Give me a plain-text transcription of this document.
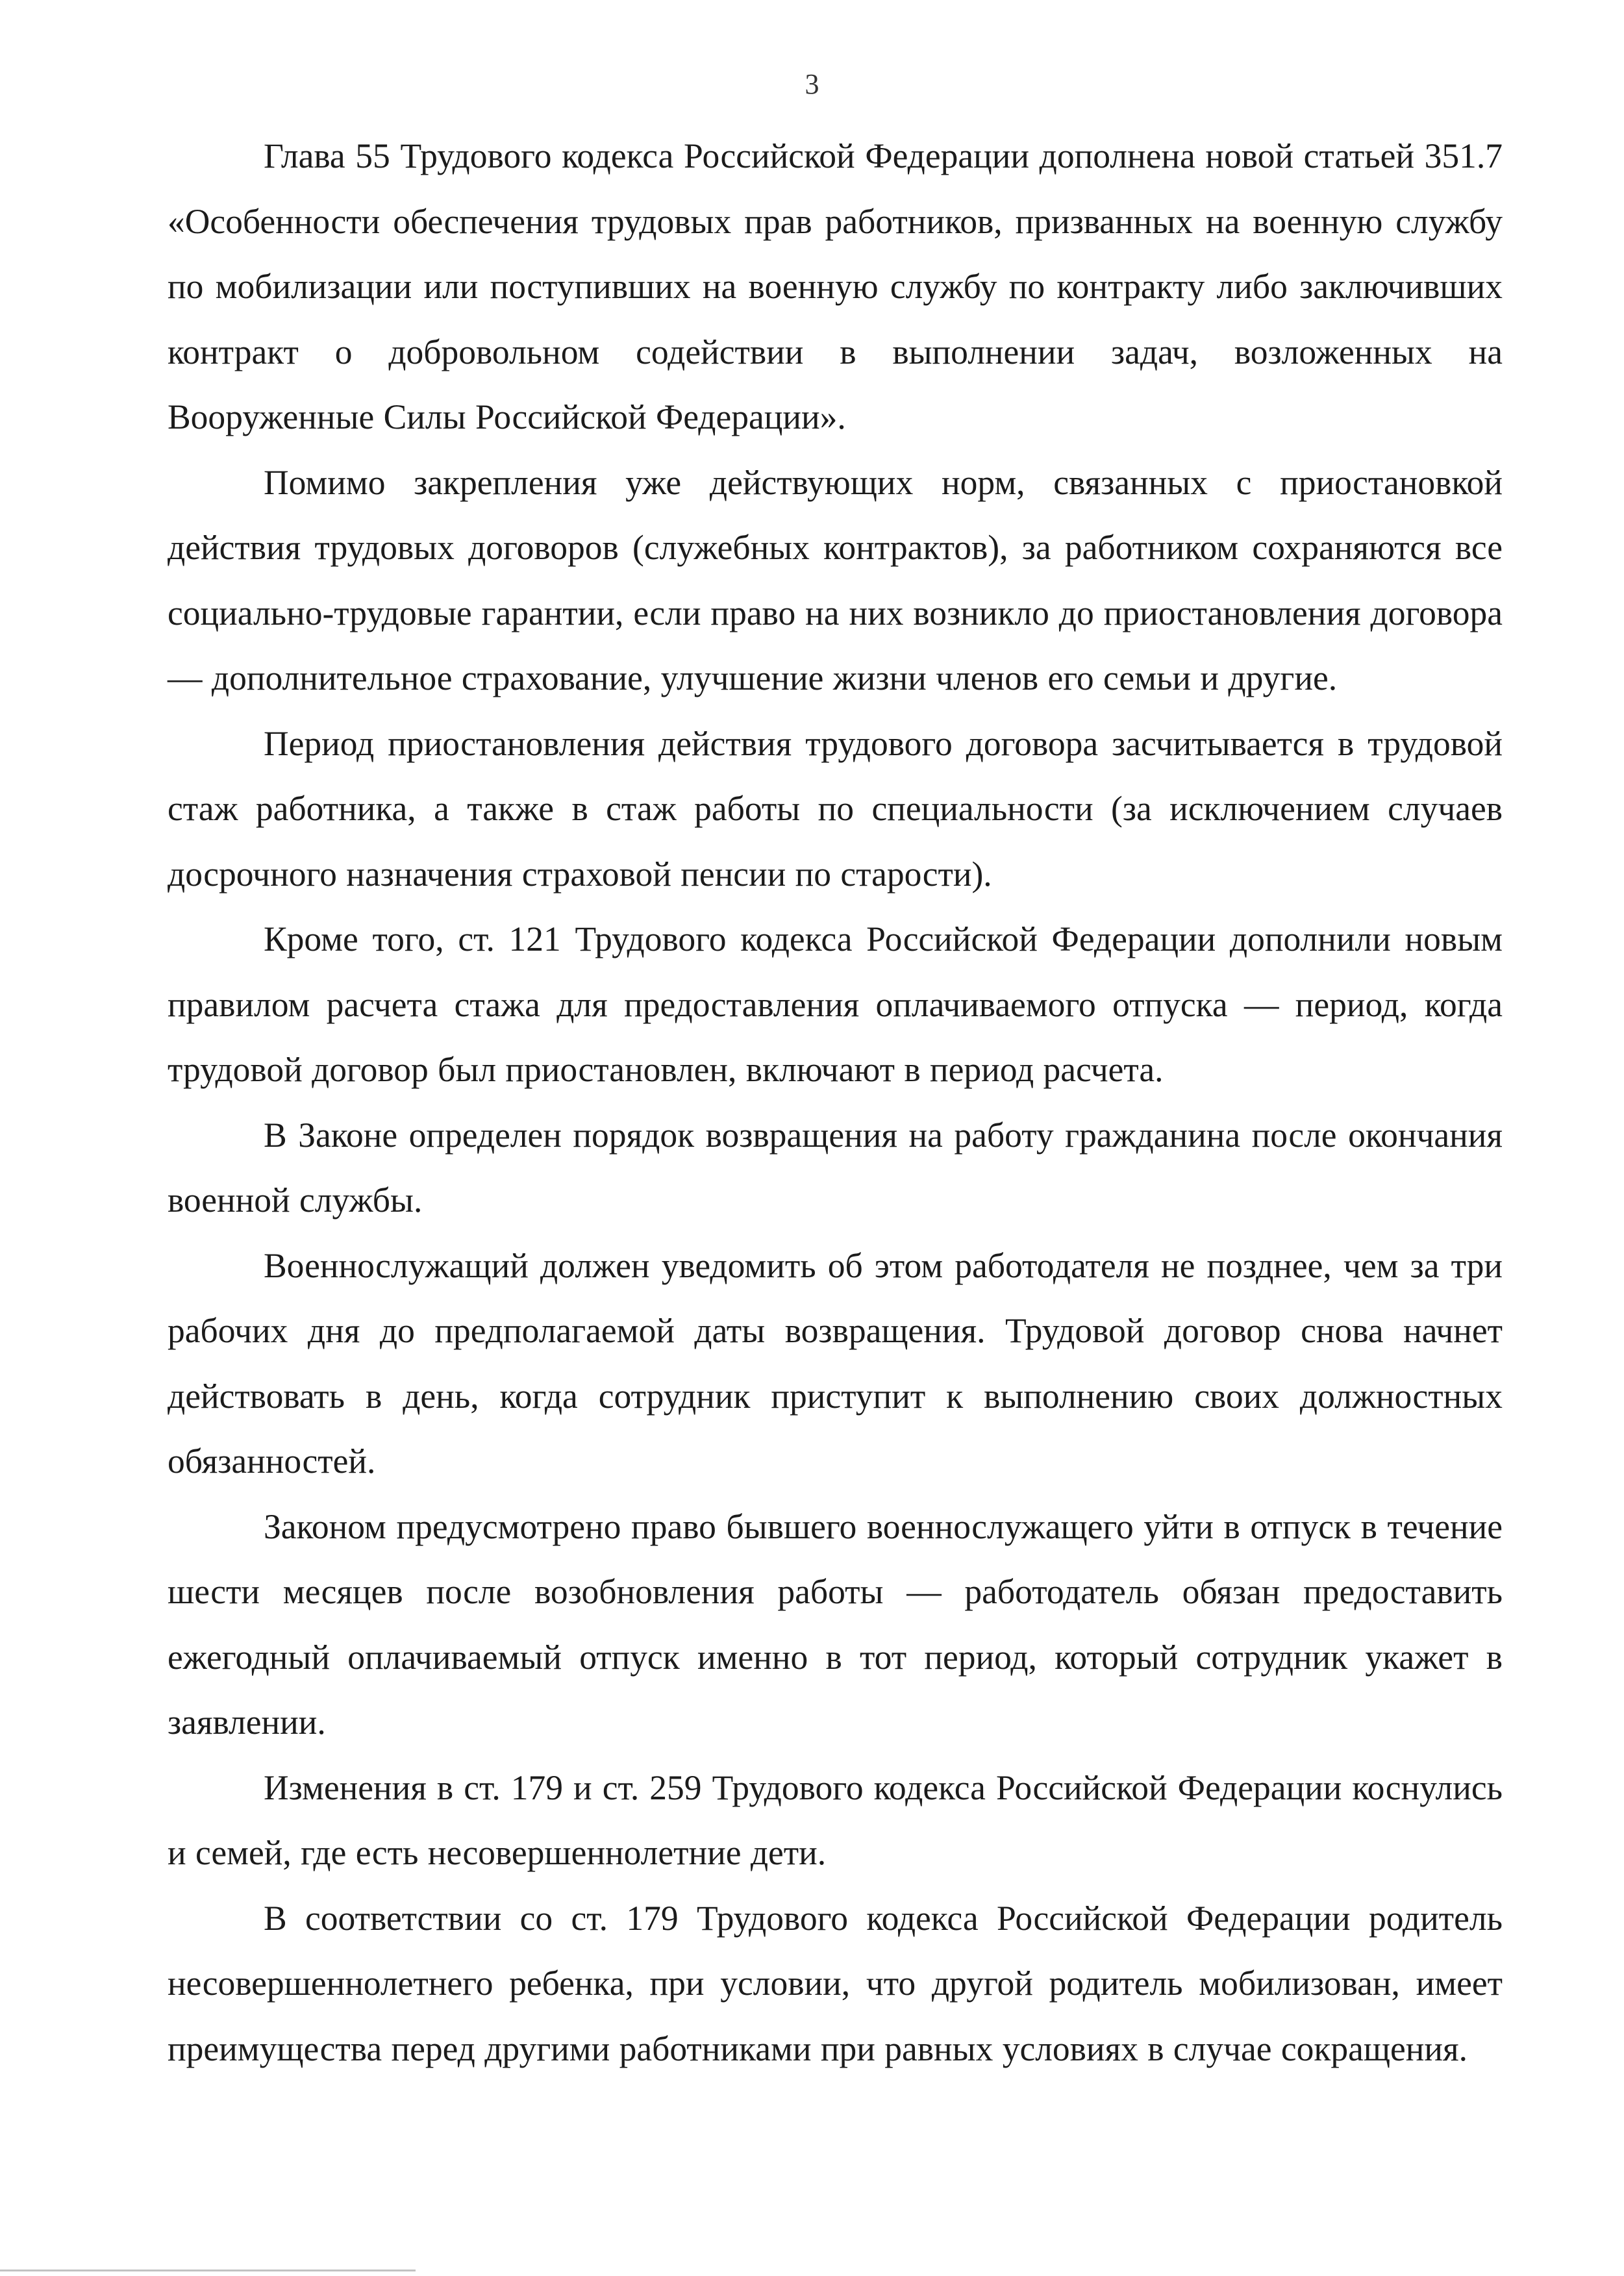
3

Глава 55 Трудового кодекса Российской Федерации дополнена новой статьей 351.7 «Особенности обеспечения трудовых прав работников, призванных на военную службу по мобилизации или поступивших на военную службу по контракту либо заключивших контракт о добровольном содействии в выполнении задач, возложенных на Вооруженные Силы Российской Федерации».

Помимо закрепления уже действующих норм, связанных с приостановкой действия трудовых договоров (служебных контрактов), за работником сохраняются все социально-трудовые гарантии, если право на них возникло до приостановления договора — дополнительное страхование, улучшение жизни членов его семьи и другие.

Период приостановления действия трудового договора засчитывается в трудовой стаж работника, а также в стаж работы по специальности (за исключением случаев досрочного назначения страховой пенсии по старости).

Кроме того, ст. 121 Трудового кодекса Российской Федерации дополнили новым правилом расчета стажа для предоставления оплачиваемого отпуска — период, когда трудовой договор был приостановлен, включают в период расчета.

В Законе определен порядок возвращения на работу гражданина после окончания военной службы.

Военнослужащий должен уведомить об этом работодателя не позднее, чем за три рабочих дня до предполагаемой даты возвращения. Трудовой договор снова начнет действовать в день, когда сотрудник приступит к выполнению своих должностных обязанностей.

Законом предусмотрено право бывшего военнослужащего уйти в отпуск в течение шести месяцев после возобновления работы — работодатель обязан предоставить ежегодный оплачиваемый отпуск именно в тот период, который сотрудник укажет в заявлении.

Изменения в ст. 179 и ст. 259 Трудового кодекса Российской Федерации коснулись и семей, где есть несовершеннолетние дети.

В соответствии со ст. 179 Трудового кодекса Российской Федерации родитель несовершеннолетнего ребенка, при условии, что другой родитель мобилизован, имеет преимущества перед другими работниками при равных условиях в случае сокращения.
